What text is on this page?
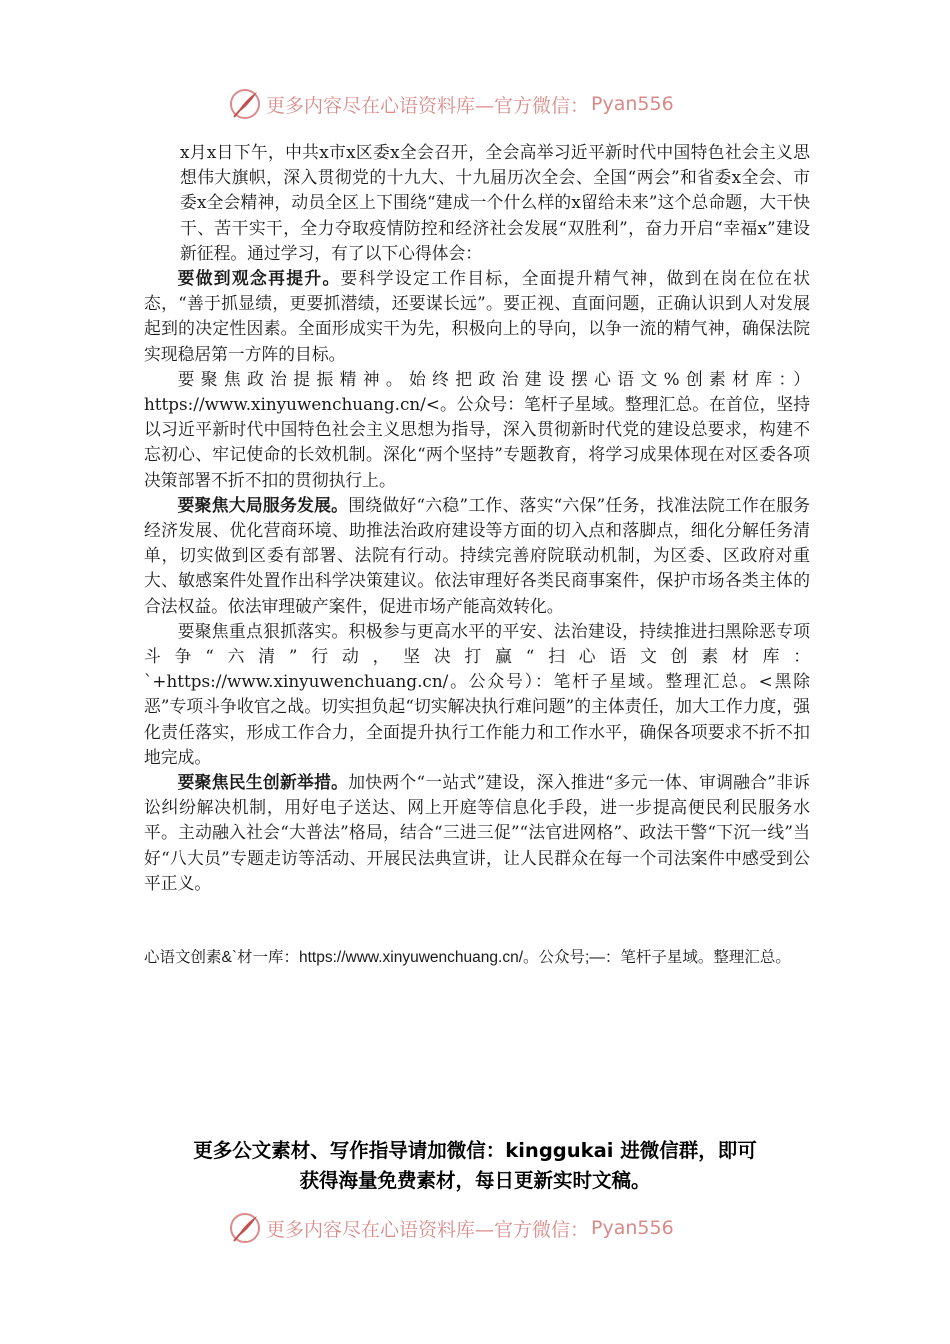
更多内容尽在心语资料库—官方微信： Pyan556

x月x日下午，中共x市x区委x全会召开，全会高举习近平新时代中国特色社会主义思想伟大旗帜，深入贯彻党的十九大、十九届历次全会、全国“两会”和省委x全会、市委x全会精神，动员全区上下围绕“建成一个什么样的x留给未来”这个总命题，大干快干、苦干实干，全力夺取疫情防控和经济社会发展“双胜利”，奋力开启“幸福x”建设新征程。通过学习，有了以下心得体会：

要做到观念再提升。要科学设定工作目标，全面提升精气神，做到在岗在位在状态，“善于抓显绩，更要抓潜绩，还要谋长远”。要正视、直面问题，正确认识到人对发展起到的决定性因素。全面形成实干为先，积极向上的导向，以争一流的精气神，确保法院实现稳居第一方阵的目标。

要聚焦政治提振精神。始终把政治建设摆心语文%创素材库：）https://www.xinyuwenchuang.cn/<。公众号：笔杆子星域。整理汇总。在首位，坚持以习近平新时代中国特色社会主义思想为指导，深入贯彻新时代党的建设总要求，构建不忘初心、牢记使命的长效机制。深化“两个坚持”专题教育，将学习成果体现在对区委各项决策部署不折不扣的贯彻执行上。

要聚焦大局服务发展。围绕做好“六稳”工作、落实“六保”任务，找准法院工作在服务经济发展、优化营商环境、助推法治政府建设等方面的切入点和落脚点，细化分解任务清单，切实做到区委有部署、法院有行动。持续完善府院联动机制，为区委、区政府对重大、敏感案件处置作出科学决策建议。依法审理好各类民商事案件，保护市场各类主体的合法权益。依法审理破产案件，促进市场产能高效转化。

要聚焦重点狠抓落实。积极参与更高水平的平安、法治建设，持续推进扫黑除恶专项斗争“六清”行动，坚决打赢“扫心语文创素材库：`+https://www.xinyuwenchuang.cn/。公众号）：笔杆子星域。整理汇总。<黑除恶”专项斗争收官之战。切实担负起“切实解决执行难问题”的主体责任，加大工作力度，强化责任落实，形成工作合力，全面提升执行工作能力和工作水平，确保各项要求不折不扣地完成。

要聚焦民生创新举措。加快两个“一站式”建设，深入推进“多元一体、审调融合”非诉讼纠纷解决机制，用好电子送达、网上开庭等信息化手段，进一步提高便民利民服务水平。主动融入社会“大普法”格局，结合“三进三促”“法官进网格”、政法干警“下沉一线”当好“八大员”专题走访等活动、开展民法典宣讲，让人民群众在每一个司法案件中感受到公平正义。

心语文创素&`材一库：https://www.xinyuwenchuang.cn/。公众号;—：笔杆子星域。整理汇总。
更多公文素材、写作指导请加微信：kinggukai 进微信群，即可
获得海量免费素材，每日更新实时文稿。
更多内容尽在心语资料库—官方微信： Pyan556
